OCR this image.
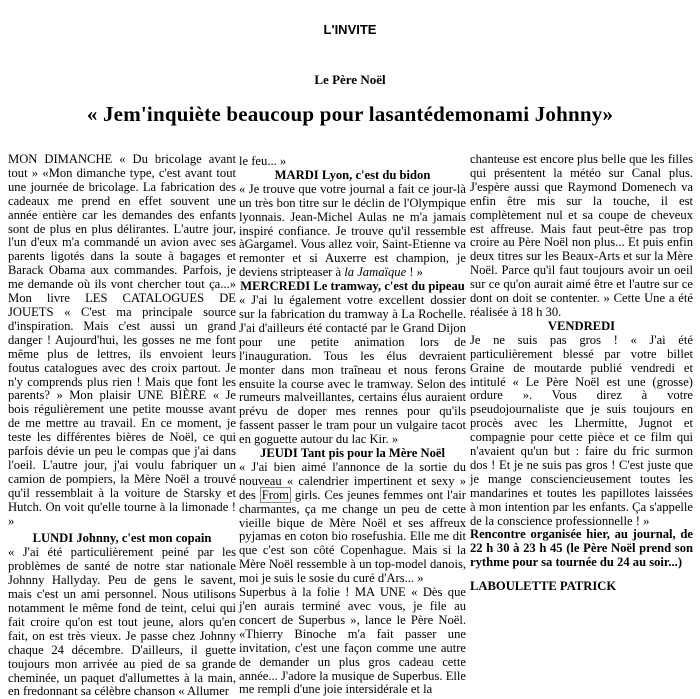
L'INVITE
Le Père Noël
« Jem'inquiète beaucoup pour lasantédemonami Johnny»

MON DIMANCHE « Du bricolage avant tout » «Mon dimanche type, c'est avant tout une journée de bricolage. La fabrication des cadeaux me prend en effet souvent une année entière car les demandes des enfants sont de plus en plus délirantes. L'autre jour, l'un d'eux m'a commandé un avion avec ses parents ligotés dans la soute à bagages et Barack Obama aux commandes. Parfois, je me demande où ils vont chercher tout ça...» Mon livre LES CATALOGUES DE JOUETS « C'est ma principale source d'inspiration. Mais c'est aussi un grand danger ! Aujourd'hui, les gosses ne me font même plus de lettres, ils envoient leurs foutus catalogues avec des croix partout. Je n'y comprends plus rien ! Mais que font les parents? » Mon plaisir UNE BIÈRE « Je bois régulièrement une petite mousse avant de me mettre au travail. En ce moment, je teste les différentes bières de Noël, ce qui parfois dévie un peu le compas que j'ai dans l'oeil. L'autre jour, j'ai voulu fabriquer un camion de pompiers, la Mère Noël a trouvé qu'il ressemblait à la voiture de Starsky et Hutch. On voit qu'elle tourne à la limonade ! »

LUNDI Johnny, c'est mon copain

« J'ai été particulièrement peiné par les problèmes de santé de notre star nationale Johnny Hallyday. Peu de gens le savent, mais c'est un ami personnel. Nous utilisons notamment le même fond de teint, celui qui fait croire qu'on est tout jeune, alors qu'en fait, on est très vieux. Je passe chez Johnny chaque 24 décembre. D'ailleurs, il guette toujours mon arrivée au pied de sa grande cheminée, un paquet d'allumettes à la main, en fredonnant sa célèbre chanson « Allumer

le feu... »

MARDI Lyon, c'est du bidon

« Je trouve que votre journal a fait ce jour-là un très bon titre sur le déclin de l'Olympique lyonnais. Jean-Michel Aulas ne m'a jamais inspiré confiance. Je trouve qu'il ressemble àGargamel. Vous allez voir, Saint-Etienne va remonter et si Auxerre est champion, je deviens stripteaser à la Jamaïque ! »

MERCREDI Le tramway, c'est du pipeau

« J'ai lu également votre excellent dossier sur la fabrication du tramway à La Rochelle. J'ai d'ailleurs été contacté par le Grand Dijon pour une petite animation lors de l'inauguration. Tous les élus devraient monter dans mon traîneau et nous ferons ensuite la course avec le tramway. Selon des rumeurs malveillantes, certains élus auraient prévu de doper mes rennes pour qu'ils fassent passer le tram pour un vulgaire tacot en goguette autour du lac Kir. »

JEUDI Tant pis pour la Mère Noël

« J'ai bien aimé l'annonce de la sortie du nouveau « calendrier impertinent et sexy » des From girls. Ces jeunes femmes ont l'air charmantes, ça me change un peu de cette vieille bique de Mère Noël et ses affreux pyjamas en coton bio rosefushia. Elle me dit que c'est son côté Copenhague. Mais si la Mère Noël ressemble à un top-model danois, moi je suis le sosie du curé d'Ars... »

Superbus à la folie ! MA UNE « Dès que j'en aurais terminé avec vous, je file au concert de Superbus », lance le Père Noël. «Thierry Binoche m'a fait passer une invitation, c'est une façon comme une autre de demander un plus gros cadeau cette année... J'adore la musique de Superbus. Elle me rempli d'une joie intersidérale et la

chanteuse est encore plus belle que les filles qui présentent la météo sur Canal plus. J'espère aussi que Raymond Domenech va enfin être mis sur la touche, il est complètement nul et sa coupe de cheveux est affreuse. Mais faut peut-être pas trop croire au Père Noël non plus... Et puis enfin deux titres sur les Beaux-Arts et sur la Mère Noël. Parce qu'il faut toujours avoir un oeil sur ce qu'on aurait aimé être et l'autre sur ce dont on doit se contenter. » Cette Une a été réalisée à 18 h 30.

VENDREDI

Je ne suis pas gros ! « J'ai été particulièrement blessé par votre billet Graine de moutarde publié vendredi et intitulé « Le Père Noël est une (grosse) ordure ». Vous direz à votre pseudojournaliste que je suis toujours en procès avec les Lhermitte, Jugnot et compagnie pour cette pièce et ce film qui n'avaient qu'un but : faire du fric surmon dos ! Et je ne suis pas gros ! C'est juste que je mange consciencieusement toutes les mandarines et toutes les papillotes laissées à mon intention par les enfants. Ça s'appelle de la conscience professionnelle ! »

Rencontre organisée hier, au journal, de 22 h 30 à 23 h 45 (le Père Noël prend son rythme pour sa tournée du 24 au soir...)

LABOULETTE PATRICK
